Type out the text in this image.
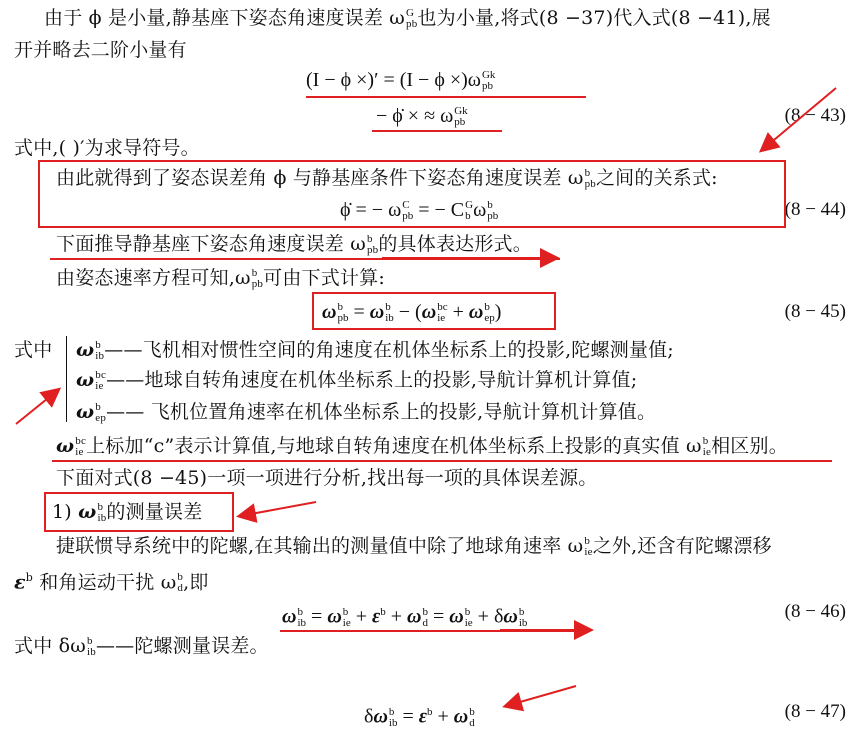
由于 ϕ 是小量,静基座下姿态角速度误差 ω G
pb 也为小量,将式(8 −37)代入式(8 −41),展
开并略去二阶小量有
(I − ϕ ×)′ = (I − ϕ ×)ω Gk
pb
− ϕ̇ × ≈ ω Gk
pb	(8 − 43)
式中,( )′为求导符号。
由此就得到了姿态误差角 ϕ 与静基座条件下姿态角速度误差 ω b
pb 之间的关系式:
ϕ̇ = − ω C
pb = − C G
b ω b
pb	(8 − 44)
下面推导静基座下姿态角速度误差 ω b
pb 的具体表达形式。
由姿态速率方程可知,ω b
pb 可由下式计算:
ω b
pb = ω b
ib − (ω bc
ie + ω b
ep )	(8 − 45)
式中 ω b
ib ——飞机相对惯性空间的角速度在机体坐标系上的投影,陀螺测量值;
ω bc
ie ——地球自转角速度在机体坐标系上的投影,导航计算机计算值;
ω b
ep —— 飞机位置角速率在机体坐标系上的投影,导航计算机计算值。
ω bc
ie 上标加“c”表示计算值,与地球自转角速度在机体坐标系上投影的真实值 ω b
ie 相区别。
下面对式(8 −45)一项一项进行分析,找出每一项的具体误差源。
1) ω b
ib 的测量误差
捷联惯导系统中的陀螺,在其输出的测量值中除了地球角速率 ω b
ie 之外,还含有陀螺漂移
$\varepsilon^b$ 和角运动干扰 ω b
d ,即
ω b
ib = ω b
ie + $\varepsilon^b + \omega$ b
d = ω b
ie + δω b
ib
(8 − 46)
式中 δω b
ib ——陀螺测量误差。
δω b
ib = $\varepsilon^b + \omega$ b
d
(8 − 47)
